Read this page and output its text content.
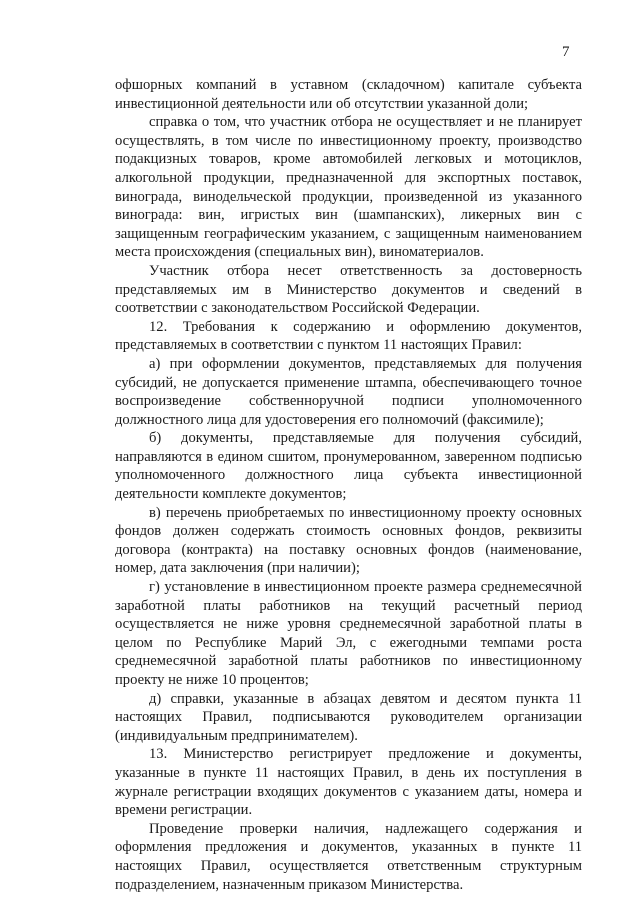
7

офшорных компаний в уставном (складочном) капитале субъекта инвестиционной деятельности или об отсутствии указанной доли;

справка о том, что участник отбора не осуществляет и не планирует осуществлять, в том числе по инвестиционному проекту, производство подакцизных товаров, кроме автомобилей легковых и мотоциклов, алкогольной продукции, предназначенной для экспортных поставок, винограда, винодельческой продукции, произведенной из указанного винограда: вин, игристых вин (шампанских), ликерных вин с защищенным географическим указанием, с защищенным наименованием места происхождения (специальных вин), виноматериалов.

Участник отбора несет ответственность за достоверность представляемых им в Министерство документов и сведений в соответствии с законодательством Российской Федерации.

12. Требования к содержанию и оформлению документов, представляемых в соответствии с пунктом 11 настоящих Правил:

а) при оформлении документов, представляемых для получения субсидий, не допускается применение штампа, обеспечивающего точное воспроизведение собственноручной подписи уполномоченного должностного лица для удостоверения его полномочий (факсимиле);

б) документы, представляемые для получения субсидий, направляются в едином сшитом, пронумерованном, заверенном подписью уполномоченного должностного лица субъекта инвестиционной деятельности комплекте документов;

в) перечень приобретаемых по инвестиционному проекту основных фондов должен содержать стоимость основных фондов, реквизиты договора (контракта) на поставку основных фондов (наименование, номер, дата заключения (при наличии);

г) установление в инвестиционном проекте размера среднемесячной заработной платы работников на текущий расчетный период осуществляется не ниже уровня среднемесячной заработной платы в целом по Республике Марий Эл, с ежегодными темпами роста среднемесячной заработной платы работников по инвестиционному проекту не ниже 10 процентов;

д) справки, указанные в абзацах девятом и десятом пункта 11 настоящих Правил, подписываются руководителем организации (индивидуальным предпринимателем).

13. Министерство регистрирует предложение и документы, указанные в пункте 11 настоящих Правил, в день их поступления в журнале регистрации входящих документов с указанием даты, номера и времени регистрации.

Проведение проверки наличия, надлежащего содержания и оформления предложения и документов, указанных в пункте 11 настоящих Правил, осуществляется ответственным структурным подразделением, назначенным приказом Министерства.
